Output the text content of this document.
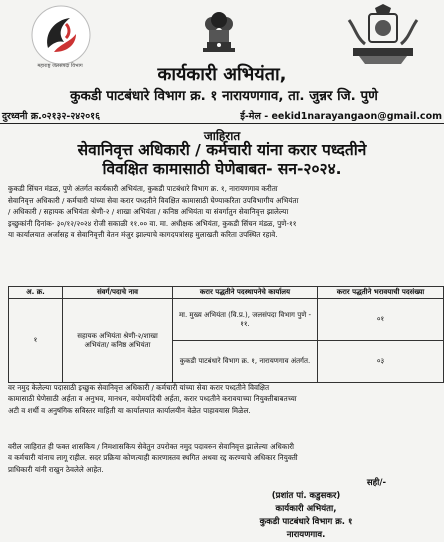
महाराष्ट्र जलसंपदा विभाग	कार्यकारी अभियंता,
कुकडी पाटबंधारे विभाग क्र. १ नारायणगाव, ता. जुन्नर जि. पुणे
दुरध्वनी क्र.०२१३२-२४२०१६	ई-मेल - eekid1narayangaon@gmail.com
जाहिरात
सेवानिवृत्त अधिकारी / कर्मचारी यांना करार पध्दतीने
विवक्षित कामासाठी घेणेबाबत- सन-२०२४.
कुकडी सिंचन मंडळ, पुणे अंतर्गत कार्यकारी अभियंता, कुकडी पाटबंधारे विभाग क्र. १, नारायणगाव करीता
सेवानिवृत्त अधिकारी / कर्मचारी यांच्या सेवा करार पध्दतीने विवक्षित कामासाठी घेण्याकरिता उपविभागीय अभियंता
/ अधिकारी / सहायक अभियंता श्रेणी-२ / शाखा अभियंता / कनिष्ठ अभियंता या संवर्गातुन सेवानिवृत्त झालेल्या
इच्छुकांनी दिनांक- ३०/१२/२०२४ रोजी सकाळी ११.०० वा. मा. अधीक्षक अभियंता, कुकडी सिंचन मंडळ, पुणे-११
या कार्यालयात अर्जासह व सेवानिवृत्ती वेतन मंजुर झाल्याचे कागदपत्रांसह मुलाखती करिता उपस्थित रहावे.
अ. क्र.	संवर्ग/पदाचे नाव	करार पद्धतीने पदस्थापनेचे कार्यालय	करार पद्धतीने भरावयाची पदसंख्या
१	सहायक अभियंता श्रेणी-२/शाखा अभियंता/ कनिष्ठ अभियंता	मा. मुख्य अभियंता (वि.प्र.), जलसंपदा विभाग पुणे - ११.	०१
		कुकडी पाटबंधारे विभाग क्र. १, नारायणगाव अंतर्गत.	०३
वर नमुद केलेल्या पदासाठी इच्छुक सेवानिवृत्त अधिकारी / कर्मचारी यांच्या सेवा करार पध्दतीने विवक्षित
कामासाठी घेणेसाठी अर्हता व अनुभव, मानधन, वयोमर्यादेची अर्हता, करार पध्दतीने करावयाच्या नियुक्तीबाबतच्या
अटी व शर्थी व अनुषंगिक सविस्तर माहिती या कार्यालयात कार्यालयीन वेळेत पाहावयास मिळेल.
वरील जाहिरात ही फक्त शासकिय / निमशासकिय सेवेतुन उपरोक्त नमुद पदावरुन सेवानिवृत्त झालेल्या अधिकारी
व कर्मचारी यांनाच लागू राहील. सदर प्रक्रिया कोणत्याही कारणास्तव स्थगित अथवा रद्द करण्याचे अधिकार नियुक्ती
प्राधिकारी यांनी राखुन ठेवलेले आहेत.
सही/-
(प्रशांत पां. कडुसकर)
कार्यकारी अभियंता,
कुकडी पाटबंधारे विभाग क्र. १
नारायणगाव.
